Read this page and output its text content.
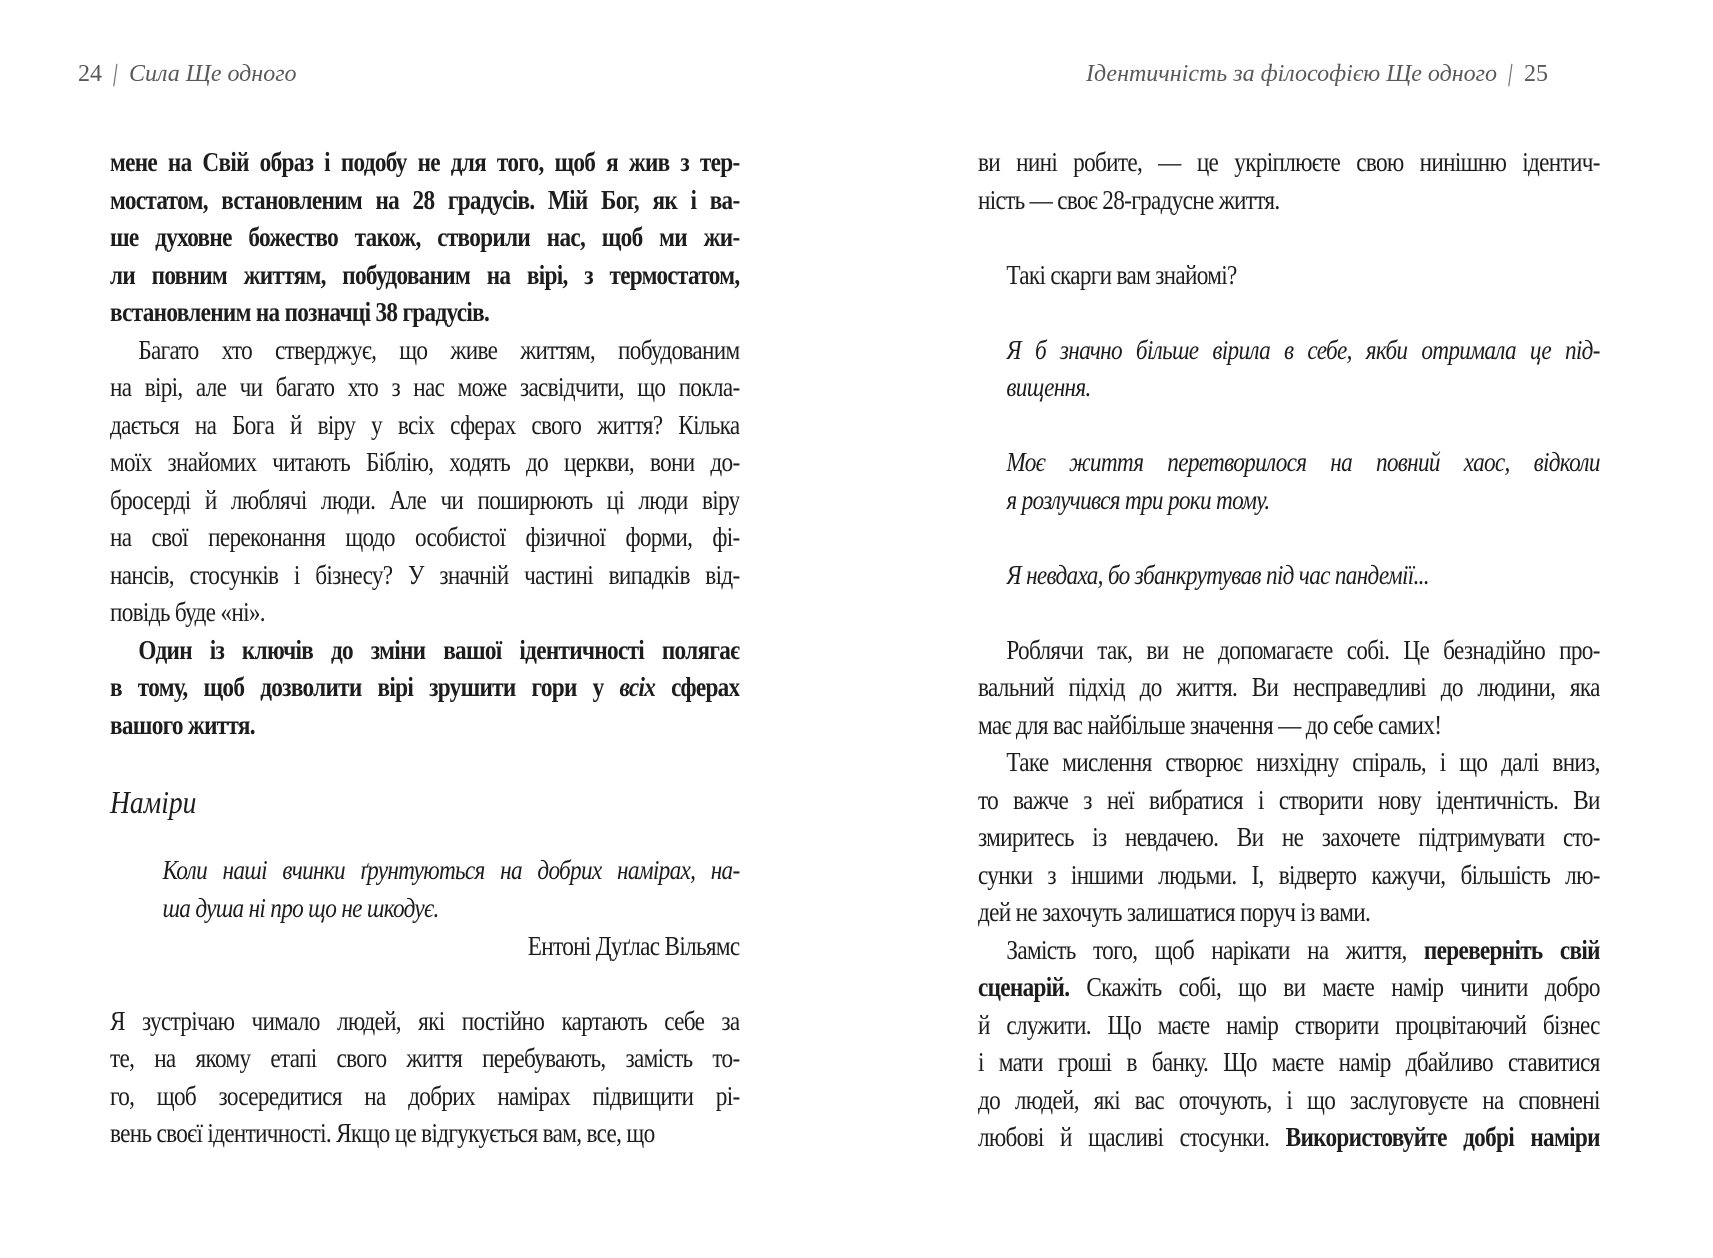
24 | Сила Ще одного	Ідентичність за філософією Ще одного | 25
мене на Свій образ і подобу не для того, щоб я жив з тер-
мостатом, встановленим на 28 градусів. Мій Бог, як і ва-
ше духовне божество також, створили нас, щоб ми жи-
ли повним життям, побудованим на вірі, з термостатом,
встановленим на позначці 38 градусів.
Багато хто стверджує, що живе життям, побудованим
на вірі, але чи багато хто з нас може засвідчити, що покла-
дається на Бога й віру у всіх сферах свого життя? Кілька
моїх знайомих читають Біблію, ходять до церкви, вони до-
бросерді й люблячі люди. Але чи поширюють ці люди віру
на свої переконання щодо особистої фізичної форми, фі-
нансів, стосунків і бізнесу? У значній частині випадків від-
повідь буде «ні».
Один із ключів до зміни вашої ідентичності полягає
в тому, щоб дозволити вірі зрушити гори у всіх сферах
вашого життя.
Наміри
Коли наші вчинки ґрунтуються на добрих намірах, на-
ша душа ні про що не шкодує.
Ентоні Дуґлас Вільямс
Я зустрічаю чимало людей, які постійно картають себе за
те, на якому етапі свого життя перебувають, замість то-
го, щоб зосередитися на добрих намірах підвищити рі-
вень своєї ідентичності. Якщо це відгукується вам, все, що
ви нині робите, — це укріплюєте свою нинішню ідентич-
ність — своє 28-градусне життя.
Такі скарги вам знайомі?
Я б значно більше вірила в себе, якби отримала це під-
вищення.
Моє життя перетворилося на повний хаос, відколи
я розлучився три роки тому.
Я невдаха, бо збанкрутував під час пандемії...
Роблячи так, ви не допомагаєте собі. Це безнадійно про-
вальний підхід до життя. Ви несправедливі до людини, яка
має для вас найбільше значення — до себе самих!
Таке мислення створює низхідну спіраль, і що далі вниз,
то важче з неї вибратися і створити нову ідентичність. Ви
змиритесь із невдачею. Ви не захочете підтримувати сто-
сунки з іншими людьми. І, відверто кажучи, більшість лю-
дей не захочуть залишатися поруч із вами.
Замість того, щоб нарікати на життя, переверніть свій
сценарій. Скажіть собі, що ви маєте намір чинити добро
й служити. Що маєте намір створити процвітаючий бізнес
і мати гроші в банку. Що маєте намір дбайливо ставитися
до людей, які вас оточують, і що заслуговуєте на сповнені
любові й щасливі стосунки. Використовуйте добрі наміри
